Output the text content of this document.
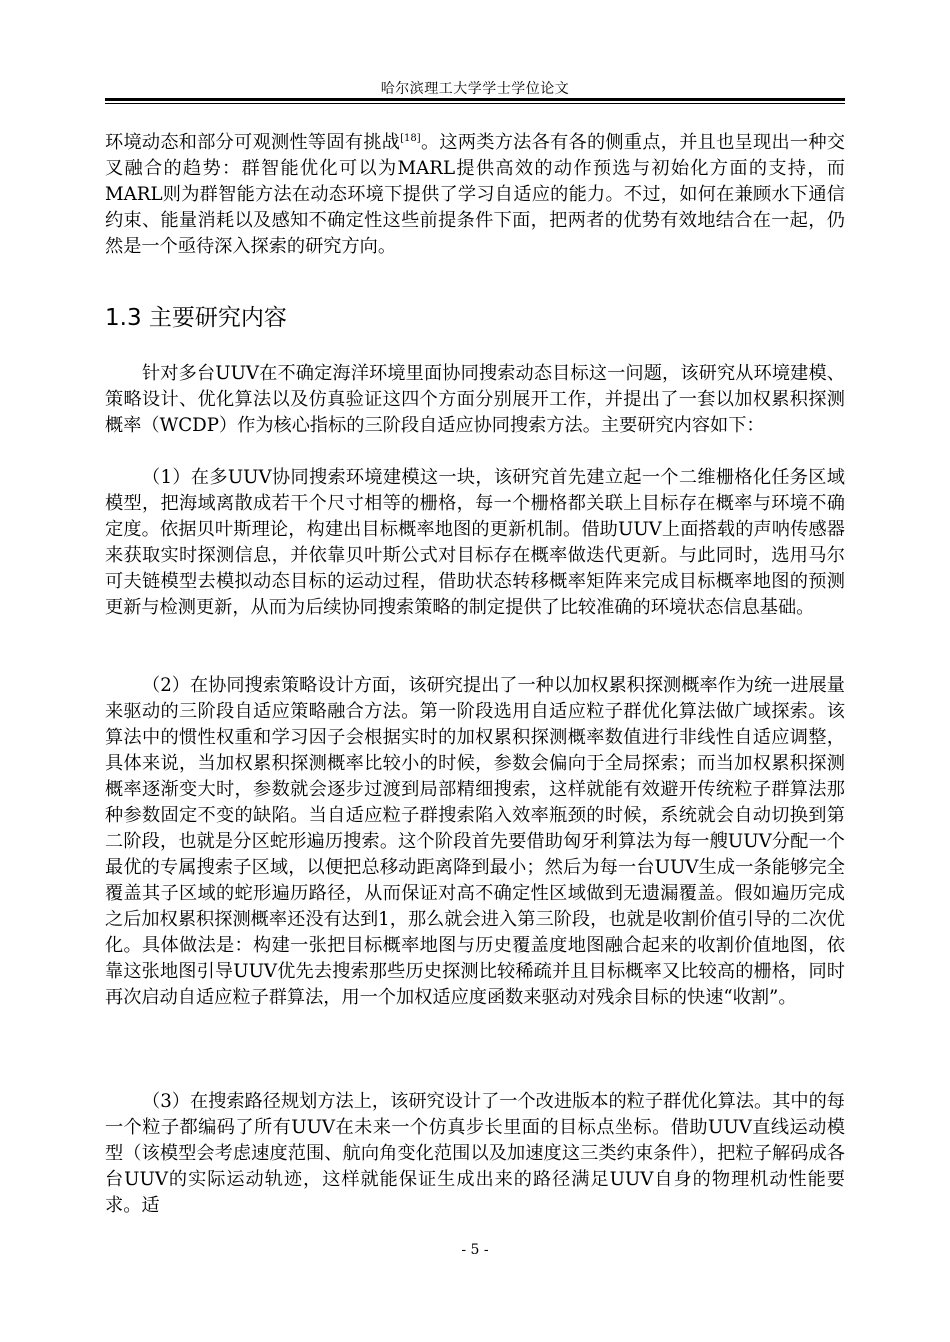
哈尔滨理工大学学士学位论文

环境动态和部分可观测性等固有挑战[18]。这两类方法各有各的侧重点，并且也呈现出一种交叉融合的趋势：群智能优化可以为MARL提供高效的动作预选与初始化方面的支持，而MARL则为群智能方法在动态环境下提供了学习自适应的能力。不过，如何在兼顾水下通信约束、能量消耗以及感知不确定性这些前提条件下面，把两者的优势有效地结合在一起，仍然是一个亟待深入探索的研究方向。

1.3 主要研究内容

针对多台UUV在不确定海洋环境里面协同搜索动态目标这一问题，该研究从环境建模、策略设计、优化算法以及仿真验证这四个方面分别展开工作，并提出了一套以加权累积探测概率（WCDP）作为核心指标的三阶段自适应协同搜索方法。主要研究内容如下：

（1）在多UUV协同搜索环境建模这一块，该研究首先建立起一个二维栅格化任务区域模型，把海域离散成若干个尺寸相等的栅格，每一个栅格都关联上目标存在概率与环境不确定度。依据贝叶斯理论，构建出目标概率地图的更新机制。借助UUV上面搭载的声呐传感器来获取实时探测信息，并依靠贝叶斯公式对目标存在概率做迭代更新。与此同时，选用马尔可夫链模型去模拟动态目标的运动过程，借助状态转移概率矩阵来完成目标概率地图的预测更新与检测更新，从而为后续协同搜索策略的制定提供了比较准确的环境状态信息基础。

（2）在协同搜索策略设计方面，该研究提出了一种以加权累积探测概率作为统一进展量来驱动的三阶段自适应策略融合方法。第一阶段选用自适应粒子群优化算法做广域探索。该算法中的惯性权重和学习因子会根据实时的加权累积探测概率数值进行非线性自适应调整，具体来说，当加权累积探测概率比较小的时候，参数会偏向于全局探索；而当加权累积探测概率逐渐变大时，参数就会逐步过渡到局部精细搜索，这样就能有效避开传统粒子群算法那种参数固定不变的缺陷。当自适应粒子群搜索陷入效率瓶颈的时候，系统就会自动切换到第二阶段，也就是分区蛇形遍历搜索。这个阶段首先要借助匈牙利算法为每一艘UUV分配一个最优的专属搜索子区域，以便把总移动距离降到最小；然后为每一台UUV生成一条能够完全覆盖其子区域的蛇形遍历路径，从而保证对高不确定性区域做到无遗漏覆盖。假如遍历完成之后加权累积探测概率还没有达到1，那么就会进入第三阶段，也就是收割价值引导的二次优化。具体做法是：构建一张把目标概率地图与历史覆盖度地图融合起来的收割价值地图，依靠这张地图引导UUV优先去搜索那些历史探测比较稀疏并且目标概率又比较高的栅格，同时再次启动自适应粒子群算法，用一个加权适应度函数来驱动对残余目标的快速“收割”。

（3）在搜索路径规划方法上，该研究设计了一个改进版本的粒子群优化算法。其中的每一个粒子都编码了所有UUV在未来一个仿真步长里面的目标点坐标。借助UUV直线运动模型（该模型会考虑速度范围、航向角变化范围以及加速度这三类约束条件），把粒子解码成各台UUV的实际运动轨迹，这样就能保证生成出来的路径满足UUV自身的物理机动性能要求。适

- 5 -
